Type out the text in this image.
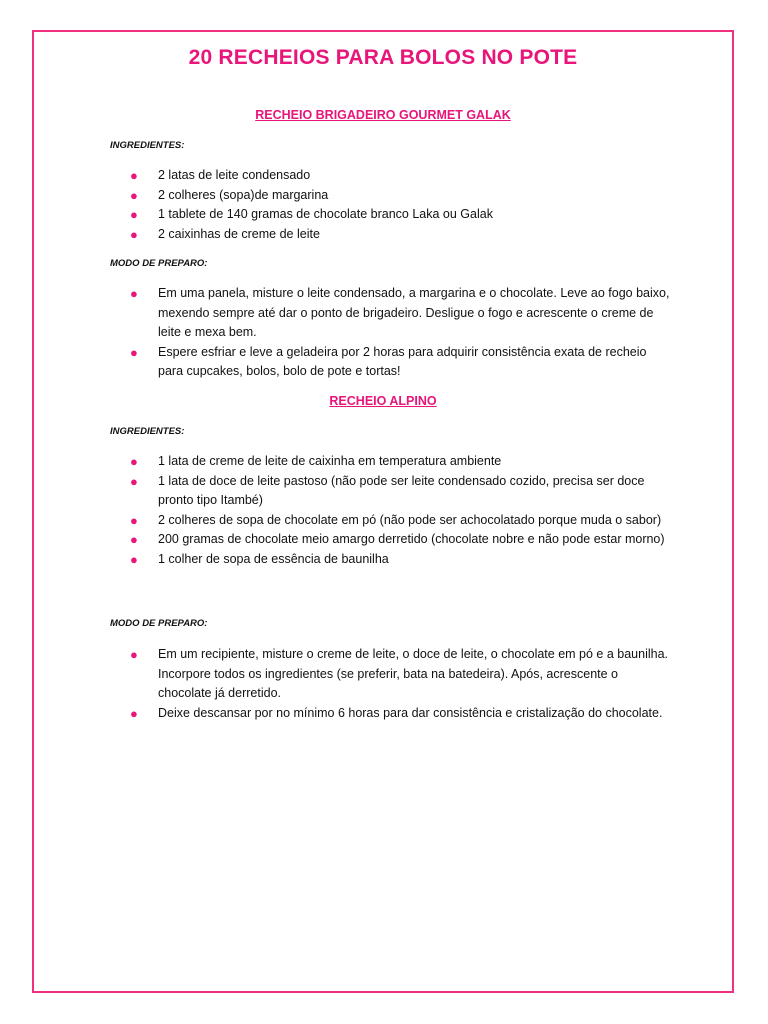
20 RECHEIOS PARA BOLOS NO POTE
RECHEIO BRIGADEIRO GOURMET GALAK
INGREDIENTES:
●	2 latas de leite condensado
●	2 colheres (sopa)de margarina
●	1 tablete de 140 gramas de chocolate branco Laka ou Galak
●	2 caixinhas de creme de leite
MODO DE PREPARO:
●	Em uma panela, misture o leite condensado, a margarina e o chocolate. Leve ao fogo baixo, mexendo sempre até dar o ponto de brigadeiro. Desligue o fogo e acrescente o creme de leite e mexa bem.
●	Espere esfriar e leve a geladeira por 2 horas para adquirir consistência exata de recheio para cupcakes, bolos, bolo de pote e tortas!
RECHEIO ALPINO
INGREDIENTES:
●	1 lata de creme de leite de caixinha em temperatura ambiente
●	1 lata de doce de leite pastoso (não pode ser leite condensado cozido, precisa ser doce pronto tipo Itambé)
●	2 colheres de sopa de chocolate em pó (não pode ser achocolatado porque muda o sabor)
●	200 gramas de chocolate meio amargo derretido (chocolate nobre e não pode estar morno)
●	1 colher de sopa de essência de baunilha
MODO DE PREPARO:
●	Em um recipiente, misture o creme de leite, o doce de leite, o chocolate em pó e a baunilha. Incorpore todos os ingredientes (se preferir, bata na batedeira). Após, acrescente o chocolate já derretido.
●	Deixe descansar por no mínimo 6 horas para dar consistência e cristalização do chocolate.
